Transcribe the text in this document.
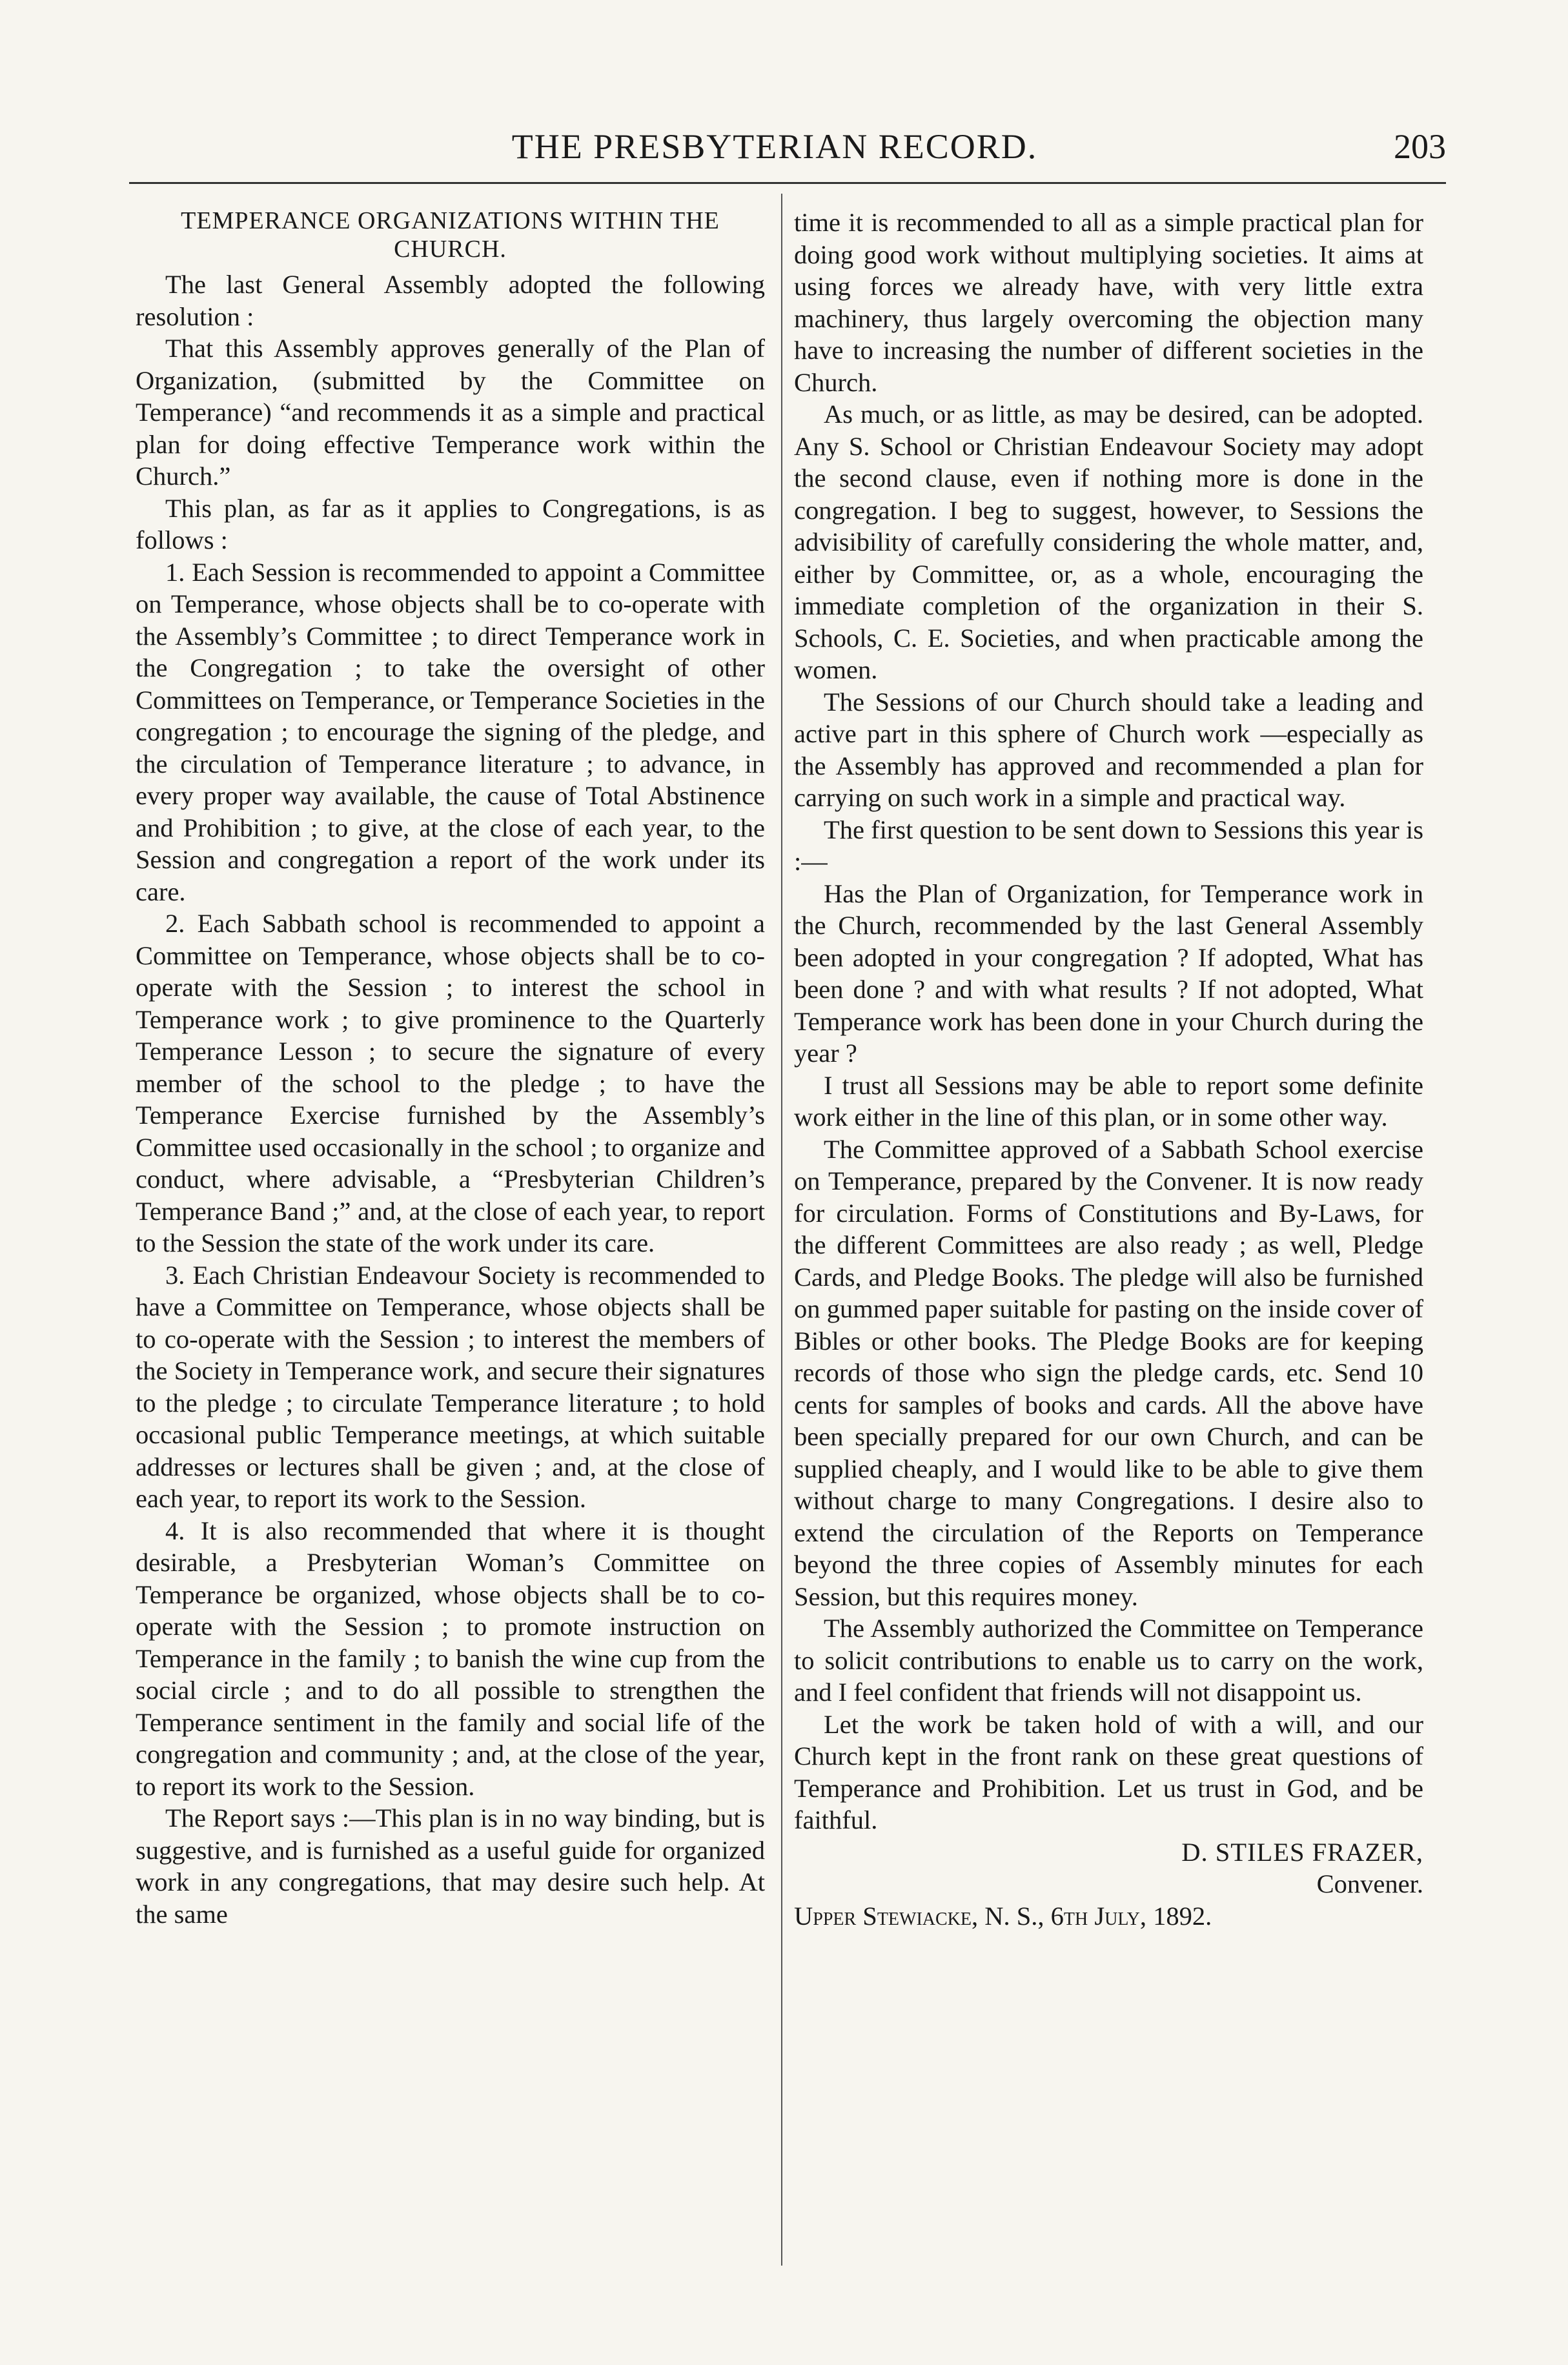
THE PRESBYTERIAN RECORD.	203
TEMPERANCE ORGANIZATIONS WITHIN THE CHURCH.

The last General Assembly adopted the following resolution :

That this Assembly approves generally of the Plan of Organization, (submitted by the Committee on Temperance) “and recommends it as a simple and practical plan for doing effective Temperance work within the Church.”

This plan, as far as it applies to Congregations, is as follows :

1. Each Session is recommended to appoint a Committee on Temperance, whose objects shall be to co-operate with the Assembly’s Committee ; to direct Temperance work in the Congregation ; to take the oversight of other Committees on Temperance, or Temperance Societies in the congregation ; to encourage the signing of the pledge, and the circulation of Temperance literature ; to advance, in every proper way available, the cause of Total Abstinence and Prohibition ; to give, at the close of each year, to the Session and congregation a report of the work under its care.

2. Each Sabbath school is recommended to appoint a Committee on Temperance, whose objects shall be to co-operate with the Session ; to interest the school in Temperance work ; to give prominence to the Quarterly Temperance Lesson ; to secure the signature of every member of the school to the pledge ; to have the Temperance Exercise furnished by the Assembly’s Committee used occasionally in the school ; to organize and conduct, where advisable, a “Presbyterian Children’s Temperance Band ;” and, at the close of each year, to report to the Session the state of the work under its care.

3. Each Christian Endeavour Society is recommended to have a Committee on Temperance, whose objects shall be to co-operate with the Session ; to interest the members of the Society in Temperance work, and secure their signatures to the pledge ; to circulate Temperance literature ; to hold occasional public Temperance meetings, at which suitable addresses or lectures shall be given ; and, at the close of each year, to report its work to the Session.

4. It is also recommended that where it is thought desirable, a Presbyterian Woman’s Committee on Temperance be organized, whose objects shall be to co-operate with the Session ; to promote instruction on Temperance in the family ; to banish the wine cup from the social circle ; and to do all possible to strengthen the Temperance sentiment in the family and social life of the congregation and community ; and, at the close of the year, to report its work to the Session.

The Report says :—This plan is in no way binding, but is suggestive, and is furnished as a useful guide for organized work in any congregations, that may desire such help. At the same

time it is recommended to all as a simple practical plan for doing good work without multiplying societies. It aims at using forces we already have, with very little extra machinery, thus largely overcoming the objection many have to increasing the number of different societies in the Church.

As much, or as little, as may be desired, can be adopted. Any S. School or Christian Endeavour Society may adopt the second clause, even if nothing more is done in the congregation. I beg to suggest, however, to Sessions the advisibility of carefully considering the whole matter, and, either by Committee, or, as a whole, encouraging the immediate completion of the organization in their S. Schools, C. E. Societies, and when practicable among the women.

The Sessions of our Church should take a leading and active part in this sphere of Church work —especially as the Assembly has approved and recommended a plan for carrying on such work in a simple and practical way.

The first question to be sent down to Sessions this year is :—

Has the Plan of Organization, for Temperance work in the Church, recommended by the last General Assembly been adopted in your congregation ? If adopted, What has been done ? and with what results ? If not adopted, What Temperance work has been done in your Church during the year ?

I trust all Sessions may be able to report some definite work either in the line of this plan, or in some other way.

The Committee approved of a Sabbath School exercise on Temperance, prepared by the Convener. It is now ready for circulation. Forms of Constitutions and By-Laws, for the different Committees are also ready ; as well, Pledge Cards, and Pledge Books. The pledge will also be furnished on gummed paper suitable for pasting on the inside cover of Bibles or other books. The Pledge Books are for keeping records of those who sign the pledge cards, etc. Send 10 cents for samples of books and cards. All the above have been specially prepared for our own Church, and can be supplied cheaply, and I would like to be able to give them without charge to many Congregations. I desire also to extend the circulation of the Reports on Temperance beyond the three copies of Assembly minutes for each Session, but this requires money.

The Assembly authorized the Committee on Temperance to solicit contributions to enable us to carry on the work, and I feel confident that friends will not disappoint us.

Let the work be taken hold of with a will, and our Church kept in the front rank on these great questions of Temperance and Prohibition. Let us trust in God, and be faithful.

D. STILES FRAZER,

Convener.

Upper Stewiacke, N. S., 6th July, 1892.
